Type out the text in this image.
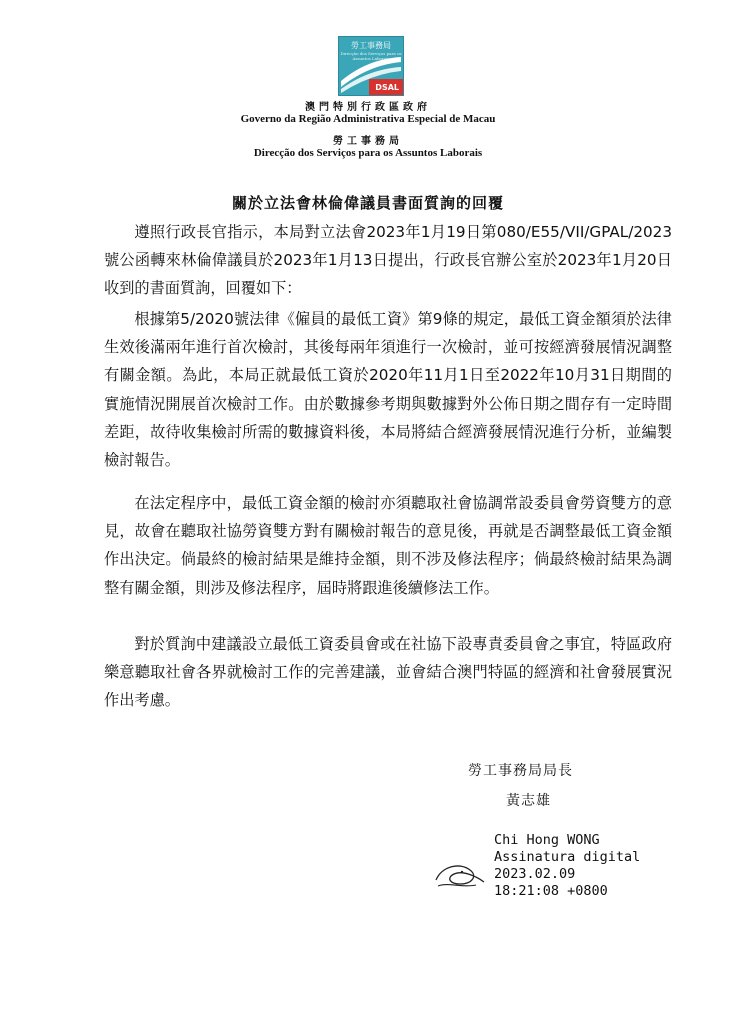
勞工事務局
Direcção dos Serviços para os Assuntos Laborais
DSAL
澳門特別行政區政府
Governo da Região Administrativa Especial de Macau
勞工事務局
Direcção dos Serviços para os Assuntos Laborais
關於立法會林倫偉議員書面質詢的回覆

遵照行政長官指示，本局對立法會2023年1月19日第080/E55/VII/GPAL/2023號公函轉來林倫偉議員於2023年1月13日提出，行政長官辦公室於2023年1月20日收到的書面質詢，回覆如下：

根據第5/2020號法律《僱員的最低工資》第9條的規定，最低工資金額須於法律生效後滿兩年進行首次檢討，其後每兩年須進行一次檢討，並可按經濟發展情況調整有關金額。為此，本局正就最低工資於2020年11月1日至2022年10月31日期間的實施情況開展首次檢討工作。由於數據參考期與數據對外公佈日期之間存有一定時間差距，故待收集檢討所需的數據資料後，本局將結合經濟發展情況進行分析，並編製檢討報告。

在法定程序中，最低工資金額的檢討亦須聽取社會協調常設委員會勞資雙方的意見，故會在聽取社協勞資雙方對有關檢討報告的意見後，再就是否調整最低工資金額作出決定。倘最終的檢討結果是維持金額，則不涉及修法程序；倘最終檢討結果為調整有關金額，則涉及修法程序，屆時將跟進後續修法工作。

對於質詢中建議設立最低工資委員會或在社協下設專責委員會之事宜，特區政府樂意聽取社會各界就檢討工作的完善建議，並會結合澳門特區的經濟和社會發展實況作出考慮。

勞工事務局局長
黃志雄
Chi Hong WONG
Assinatura digital
2023.02.09
18:21:08 +0800
